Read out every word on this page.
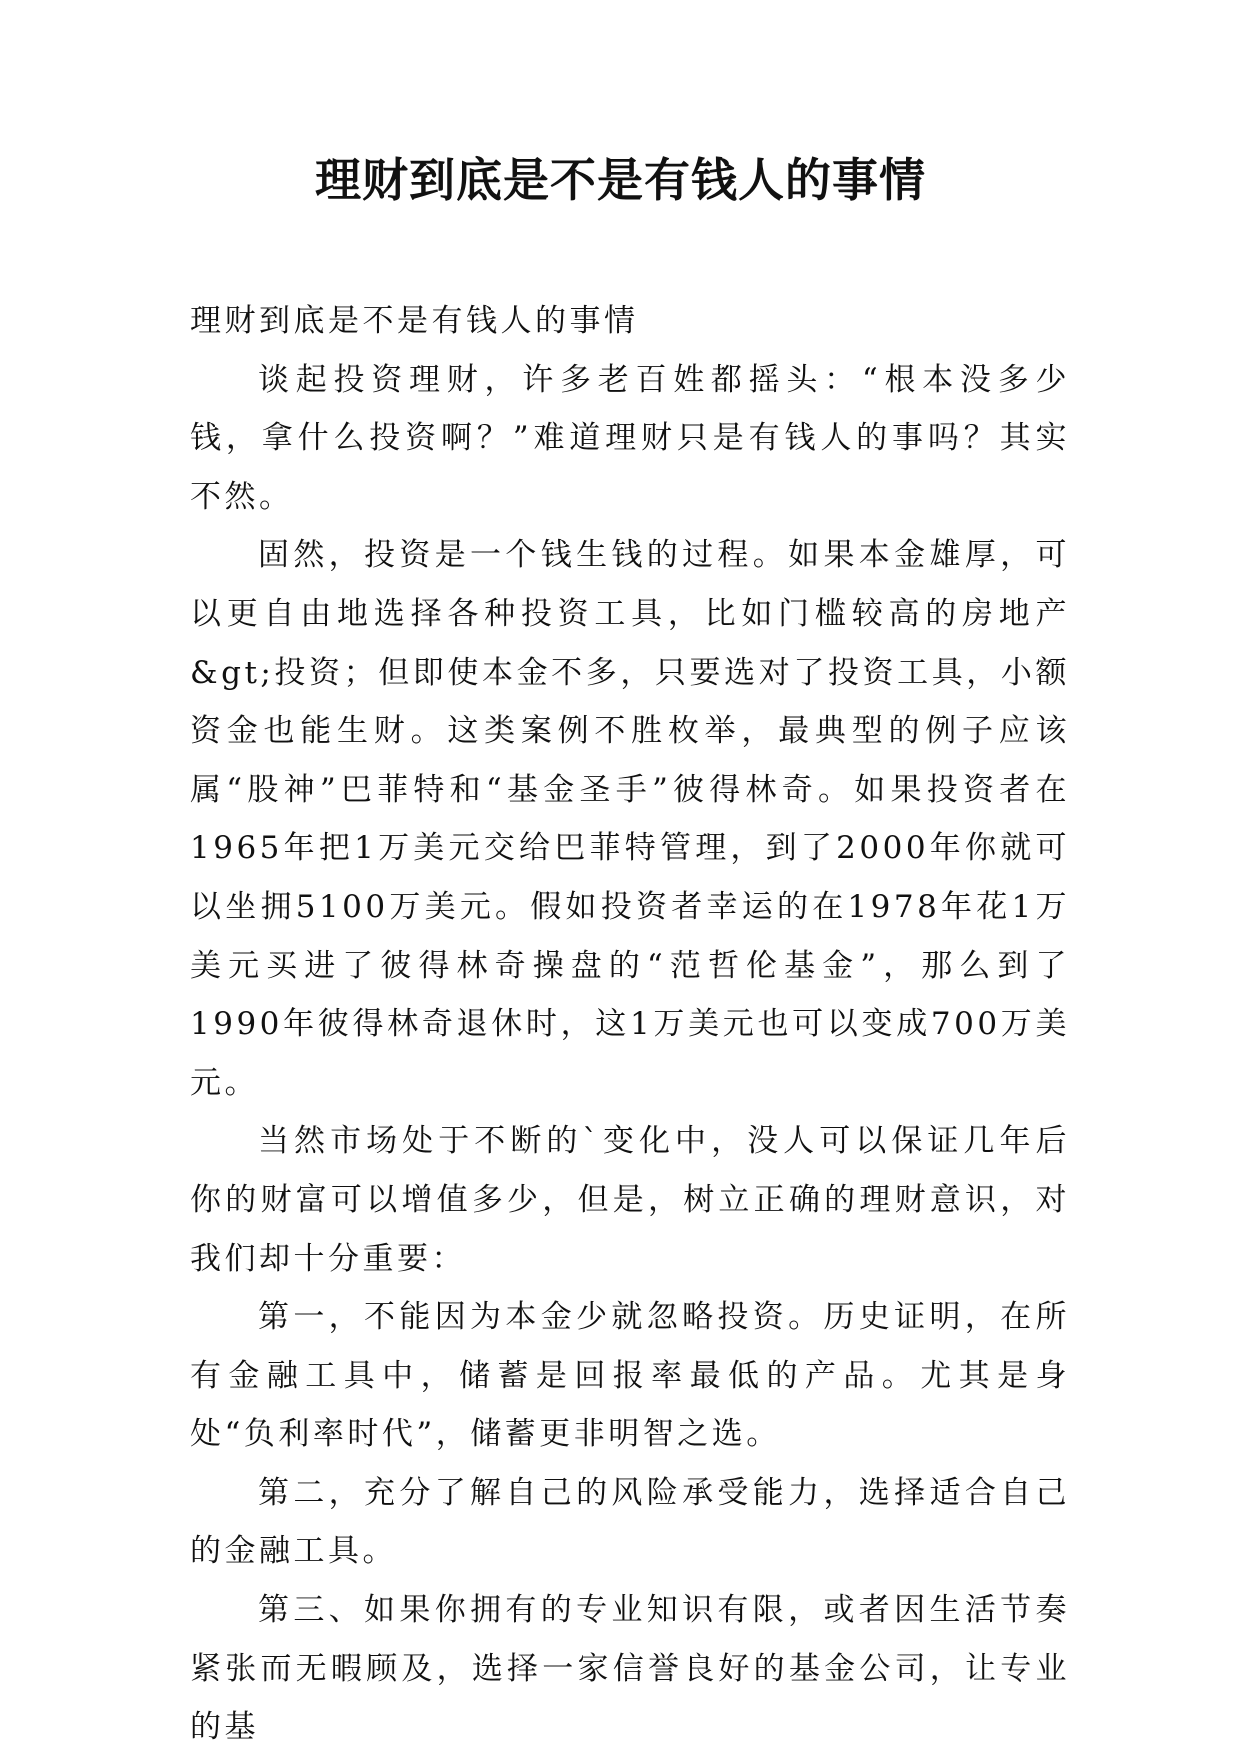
理财到底是不是有钱人的事情

理财到底是不是有钱人的事情

谈起投资理财，许多老百姓都摇头：“根本没多少钱，拿什么投资啊？”难道理财只是有钱人的事吗？其实不然。

固然，投资是一个钱生钱的过程。如果本金雄厚，可以更自由地选择各种投资工具，比如门槛较高的房地产&gt;投资；但即使本金不多，只要选对了投资工具，小额资金也能生财。这类案例不胜枚举，最典型的例子应该属“股神”巴菲特和“基金圣手”彼得林奇。如果投资者在1965年把1万美元交给巴菲特管理，到了2000年你就可以坐拥5100万美元。假如投资者幸运的在1978年花1万美元买进了彼得林奇操盘的“范哲伦基金”，那么到了1990年彼得林奇退休时，这1万美元也可以变成700万美元。

当然市场处于不断的`变化中，没人可以保证几年后你的财富可以增值多少，但是，树立正确的理财意识，对我们却十分重要：

第一，不能因为本金少就忽略投资。历史证明，在所有金融工具中，储蓄是回报率最低的产品。尤其是身处“负利率时代”，储蓄更非明智之选。

第二，充分了解自己的风险承受能力，选择适合自己的金融工具。

第三、如果你拥有的专业知识有限，或者因生活节奏紧张而无暇顾及，选择一家信誉良好的基金公司，让专业的基
